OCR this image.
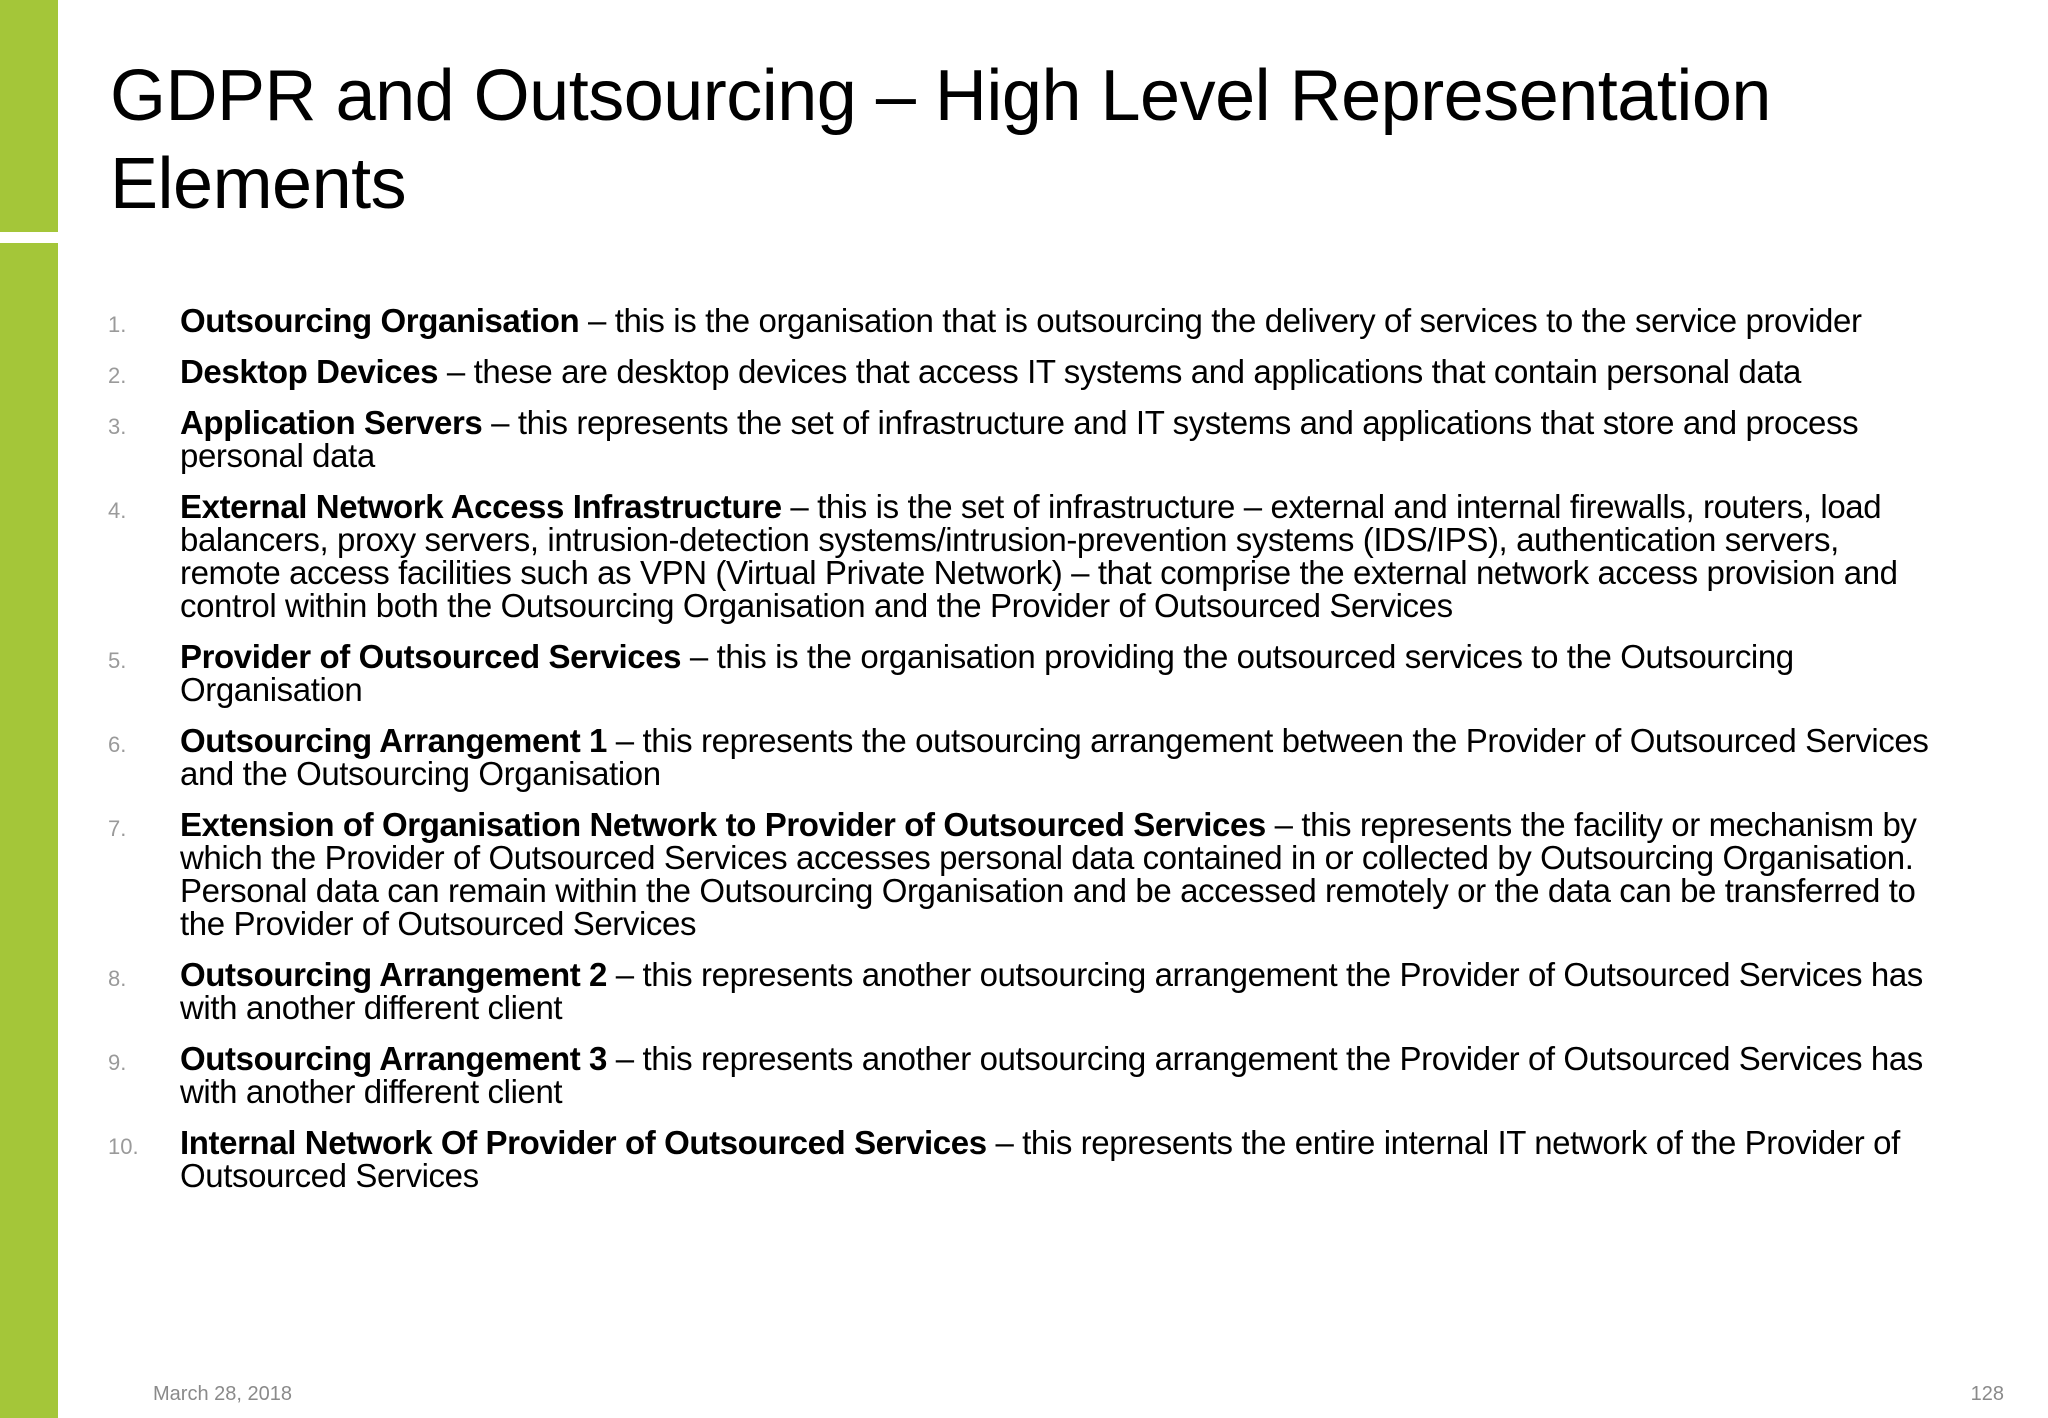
GDPR and Outsourcing – High Level Representation Elements
1. Outsourcing Organisation – this is the organisation that is outsourcing the delivery of services to the service provider
2. Desktop Devices – these are desktop devices that access IT systems and applications that contain personal data
3. Application Servers – this represents the set of infrastructure and IT systems and applications that store and process personal data
4. External Network Access Infrastructure – this is the set of infrastructure – external and internal firewalls, routers, load balancers, proxy servers, intrusion-detection systems/intrusion-prevention systems (IDS/IPS), authentication servers, remote access facilities such as VPN (Virtual Private Network) – that comprise the external network access provision and control within both the Outsourcing Organisation and the Provider of Outsourced Services
5. Provider of Outsourced Services – this is the organisation providing the outsourced services to the Outsourcing Organisation
6. Outsourcing Arrangement 1 – this represents the outsourcing arrangement between the Provider of Outsourced Services and the Outsourcing Organisation
7. Extension of Organisation Network to Provider of Outsourced Services – this represents the facility or mechanism by which the Provider of Outsourced Services accesses personal data contained in or collected by Outsourcing Organisation. Personal data can remain within the Outsourcing Organisation and be accessed remotely or the data can be transferred to the Provider of Outsourced Services
8. Outsourcing Arrangement 2 – this represents another outsourcing arrangement the Provider of Outsourced Services has with another different client
9. Outsourcing Arrangement 3 – this represents another outsourcing arrangement the Provider of Outsourced Services has with another different client
10. Internal Network Of Provider of Outsourced Services – this represents the entire internal IT network of the Provider of Outsourced Services
March 28, 2018	128
